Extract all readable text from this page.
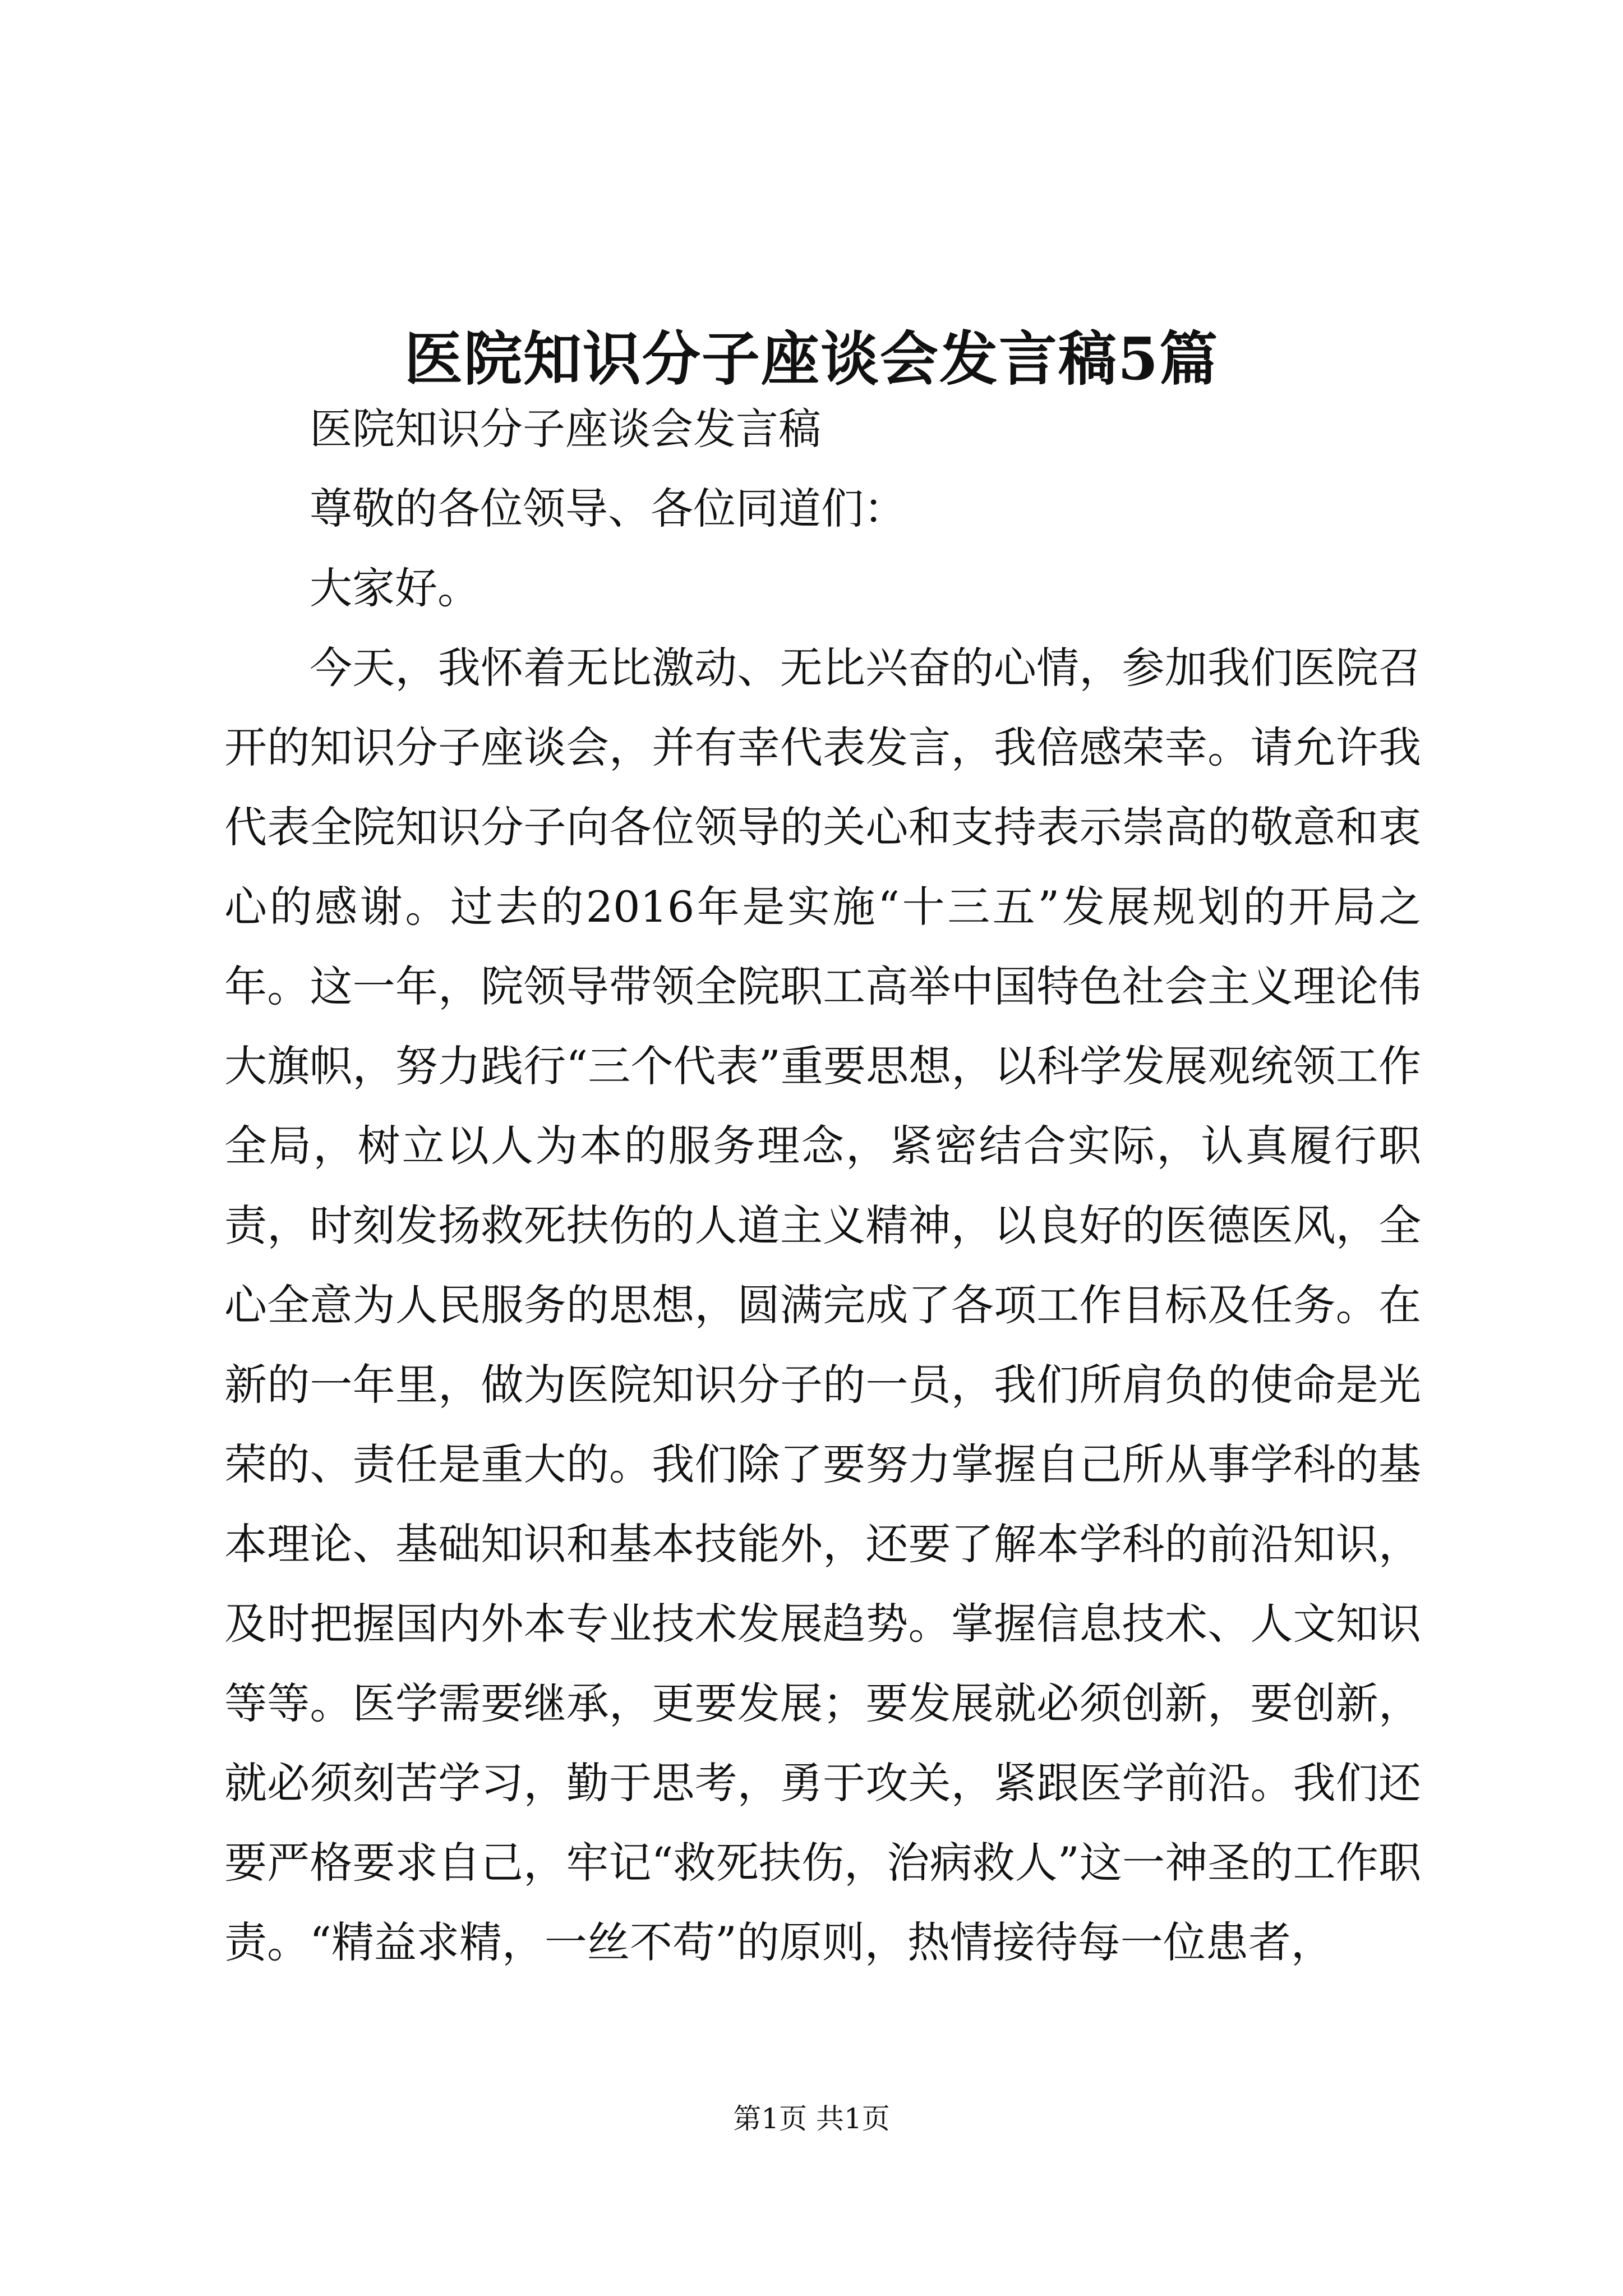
医院知识分子座谈会发言稿5篇

医院知识分子座谈会发言稿

尊敬的各位领导、各位同道们：

大家好。

今天，我怀着无比激动、无比兴奋的心情，参加我们医院召开的知识分子座谈会，并有幸代表发言，我倍感荣幸。请允许我代表全院知识分子向各位领导的关心和支持表示崇高的敬意和衷心的感谢。过去的2016年是实施“十三五”发展规划的开局之年。这一年，院领导带领全院职工高举中国特色社会主义理论伟大旗帜，努力践行“三个代表”重要思想，以科学发展观统领工作全局，树立以人为本的服务理念，紧密结合实际，认真履行职责，时刻发扬救死扶伤的人道主义精神，以良好的医德医风，全心全意为人民服务的思想，圆满完成了各项工作目标及任务。在新的一年里，做为医院知识分子的一员，我们所肩负的使命是光荣的、责任是重大的。我们除了要努力掌握自己所从事学科的基本理论、基础知识和基本技能外，还要了解本学科的前沿知识，及时把握国内外本专业技术发展趋势。掌握信息技术、人文知识等等。医学需要继承，更要发展；要发展就必须创新，要创新，就必须刻苦学习，勤于思考，勇于攻关，紧跟医学前沿。我们还要严格要求自己，牢记“救死扶伤，治病救人”这一神圣的工作职责。“精益求精，一丝不苟”的原则，热情接待每一位患者，

第1页 共1页
